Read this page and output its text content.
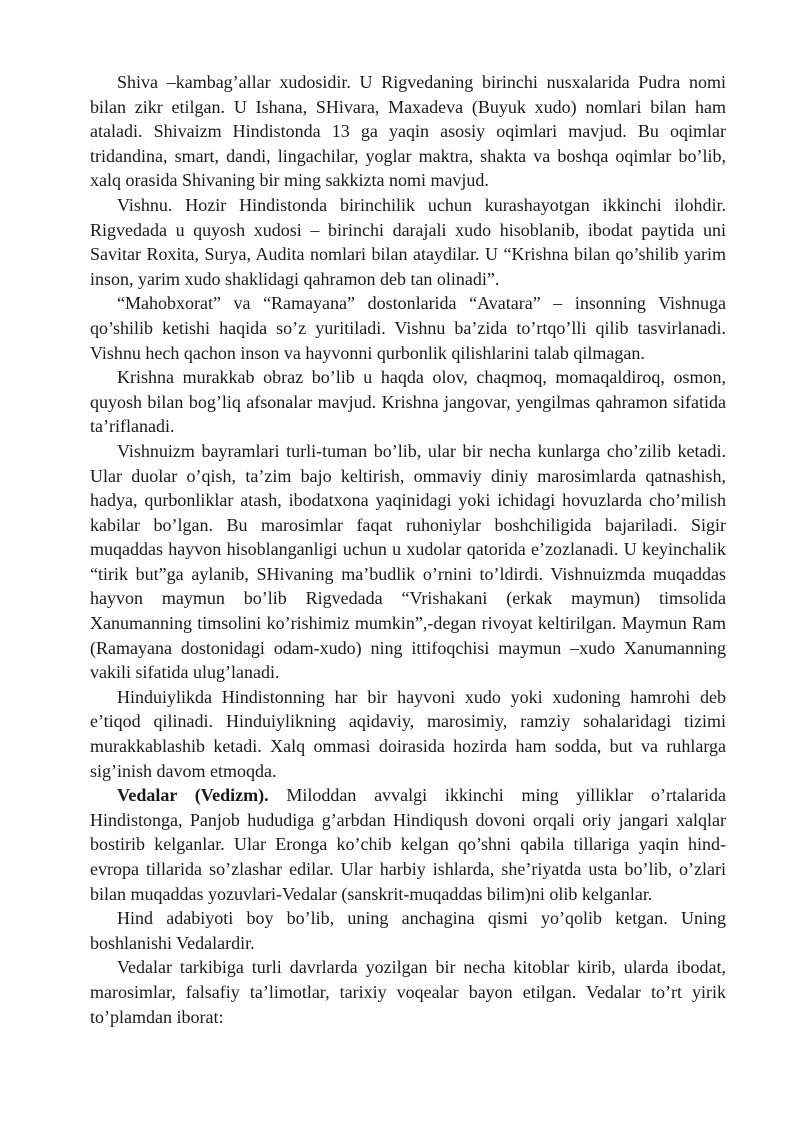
Shiva –kambag’allar xudosidir. U Rigvedaning birinchi nusxalarida Pudra nomi bilan zikr etilgan. U Ishana, SHivara, Maxadeva (Buyuk xudo) nomlari bilan ham ataladi. Shivaizm Hindistonda 13 ga yaqin asosiy oqimlari mavjud. Bu oqimlar tridandina, smart, dandi, lingachilar, yoglar maktra, shakta va boshqa oqimlar bo’lib, xalq orasida Shivaning bir ming sakkizta nomi mavjud.

Vishnu. Hozir Hindistonda birinchilik uchun kurashayotgan ikkinchi ilohdir. Rigvedada u quyosh xudosi – birinchi darajali xudo hisoblanib, ibodat paytida uni Savitar Roxita, Surya, Audita nomlari bilan ataydilar. U “Krishna bilan qo’shilib yarim inson, yarim xudo shaklidagi qahramon deb tan olinadi”.

“Mahobxorat” va “Ramayana” dostonlarida “Avatara” – insonning Vishnuga qo’shilib ketishi haqida so’z yuritiladi. Vishnu ba’zida to’rtqo’lli qilib tasvirlanadi. Vishnu hech qachon inson va hayvonni qurbonlik qilishlarini talab qilmagan.

Krishna murakkab obraz bo’lib u haqda olov, chaqmoq, momaqaldiroq, osmon, quyosh bilan bog’liq afsonalar mavjud. Krishna jangovar, yengilmas qahramon sifatida ta’riflanadi.

Vishnuizm bayramlari turli-tuman bo’lib, ular bir necha kunlarga cho’zilib ketadi. Ular duolar o’qish, ta’zim bajo keltirish, ommaviy diniy marosimlarda qatnashish, hadya, qurbonliklar atash, ibodatxona yaqinidagi yoki ichidagi hovuzlarda cho’milish kabilar bo’lgan. Bu marosimlar faqat ruhoniylar boshchiligida bajariladi. Sigir muqaddas hayvon hisoblanganligi uchun u xudolar qatorida e’zozlanadi. U keyinchalik “tirik but”ga aylanib, SHivaning ma’budlik o’rnini to’ldirdi. Vishnuizmda muqaddas hayvon maymun bo’lib Rigvedada “Vrishakani (erkak maymun) timsolida Xanumanning timsolini ko’rishimiz mumkin”,-degan rivoyat keltirilgan. Maymun Ram (Ramayana dostonidagi odam-xudo) ning ittifoqchisi maymun –xudo Xanumanning vakili sifatida ulug’lanadi.

Hinduiylikda Hindistonning har bir hayvoni xudo yoki xudoning hamrohi deb e’tiqod qilinadi. Hinduiylikning aqidaviy, marosimiy, ramziy sohalaridagi tizimi murakkablashib ketadi. Xalq ommasi doirasida hozirda ham sodda, but va ruhlarga sig’inish davom etmoqda.

Vedalar (Vedizm). Miloddan avvalgi ikkinchi ming yilliklar o’rtalarida Hindistonga, Panjob hududiga g’arbdan Hindiqush dovoni orqali oriy jangari xalqlar bostirib kelganlar. Ular Eronga ko’chib kelgan qo’shni qabila tillariga yaqin hind-evropa tillarida so’zlashar edilar. Ular harbiy ishlarda, she’riyatda usta bo’lib, o’zlari bilan muqaddas yozuvlari-Vedalar (sanskrit-muqaddas bilim)ni olib kelganlar.

Hind adabiyoti boy bo’lib, uning anchagina qismi yo’qolib ketgan. Uning boshlanishi Vedalardir.

Vedalar tarkibiga turli davrlarda yozilgan bir necha kitoblar kirib, ularda ibodat, marosimlar, falsafiy ta’limotlar, tarixiy voqealar bayon etilgan. Vedalar to’rt yirik to’plamdan iborat:
